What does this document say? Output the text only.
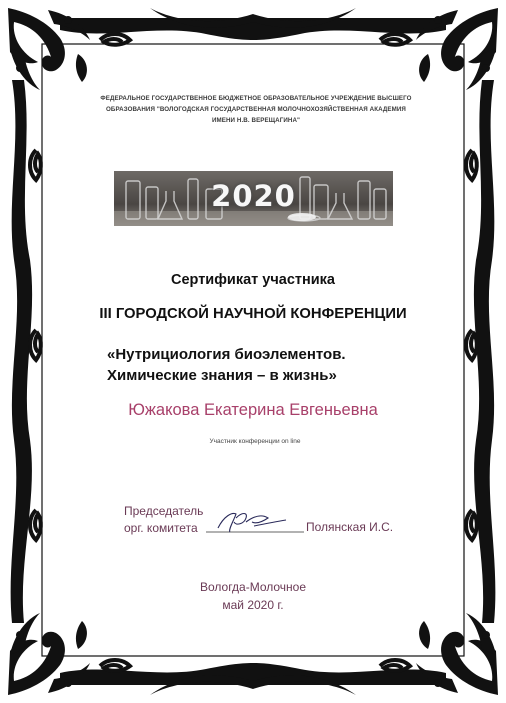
ФЕДЕРАЛЬНОЕ ГОСУДАРСТВЕННОЕ БЮДЖЕТНОЕ ОБРАЗОВАТЕЛЬНОЕ УЧРЕЖДЕНИЕ ВЫСШЕГО
ОБРАЗОВАНИЯ "ВОЛОГОДСКАЯ ГОСУДАРСТВЕННАЯ МОЛОЧНОХОЗЯЙСТВЕННАЯ АКАДЕМИЯ
ИМЕНИ Н.В. ВЕРЕЩАГИНА"
2020
Сертификат участника
III ГОРОДСКОЙ НАУЧНОЙ КОНФЕРЕНЦИИ
«Нутрициология биоэлементов.
Химические знания – в жизнь»
Южакова Екатерина Евгеньевна
Участник конференции on line
Председатель
орг. комитета	Полянская И.С.
Вологда-Молочное
май 2020 г.
